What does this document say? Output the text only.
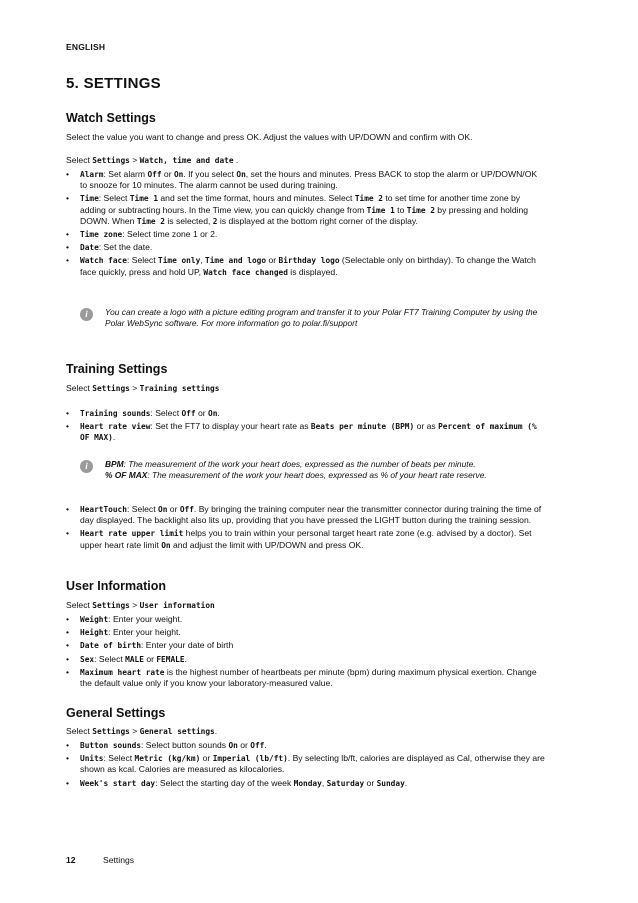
ENGLISH
5. SETTINGS
Watch Settings
Select the value you want to change and press OK. Adjust the values with UP/DOWN and confirm with OK.
Select Settings > Watch, time and date .
• Alarm: Set alarm Off or On. If you select On, set the hours and minutes. Press BACK to stop the alarm or UP/DOWN/OK to snooze for 10 minutes. The alarm cannot be used during training.
• Time: Select Time 1 and set the time format, hours and minutes. Select Time 2 to set time for another time zone by adding or subtracting hours. In the Time view, you can quickly change from Time 1 to Time 2 by pressing and holding DOWN. When Time 2 is selected, 2 is displayed at the bottom right corner of the display.
• Time zone: Select time zone 1 or 2.
• Date: Set the date.
• Watch face: Select Time only, Time and logo or Birthday logo (Selectable only on birthday). To change the Watch face quickly, press and hold UP, Watch face changed is displayed.
i	You can create a logo with a picture editing program and transfer it to your Polar FT7 Training Computer by using the Polar WebSync software. For more information go to polar.fi/support
Training Settings
Select Settings > Training settings
• Training sounds: Select Off or On.
• Heart rate view: Set the FT7 to display your heart rate as Beats per minute (BPM) or as Percent of maximum (% OF MAX).
i	BPM: The measurement of the work your heart does, expressed as the number of beats per minute.
% OF MAX: The measurement of the work your heart does, expressed as % of your heart rate reserve.
• HeartTouch: Select On or Off. By bringing the training computer near the transmitter connector during training the time of day displayed. The backlight also lits up, providing that you have pressed the LIGHT button during the training session.
• Heart rate upper limit helps you to train within your personal target heart rate zone (e.g. advised by a doctor). Set upper heart rate limit On and adjust the limit with UP/DOWN and press OK.
User Information
Select Settings > User information
• Weight: Enter your weight.
• Height: Enter your height.
• Date of birth: Enter your date of birth
• Sex: Select MALE or FEMALE.
• Maximum heart rate is the highest number of heartbeats per minute (bpm) during maximum physical exertion. Change the default value only if you know your laboratory-measured value.
General Settings
Select Settings > General settings.
• Button sounds: Select button sounds On or Off.
• Units: Select Metric (kg/km) or Imperial (lb/ft). By selecting lb/ft, calories are displayed as Cal, otherwise they are shown as kcal. Calories are measured as kilocalories.
• Week's start day: Select the starting day of the week Monday, Saturday or Sunday.
12	Settings
